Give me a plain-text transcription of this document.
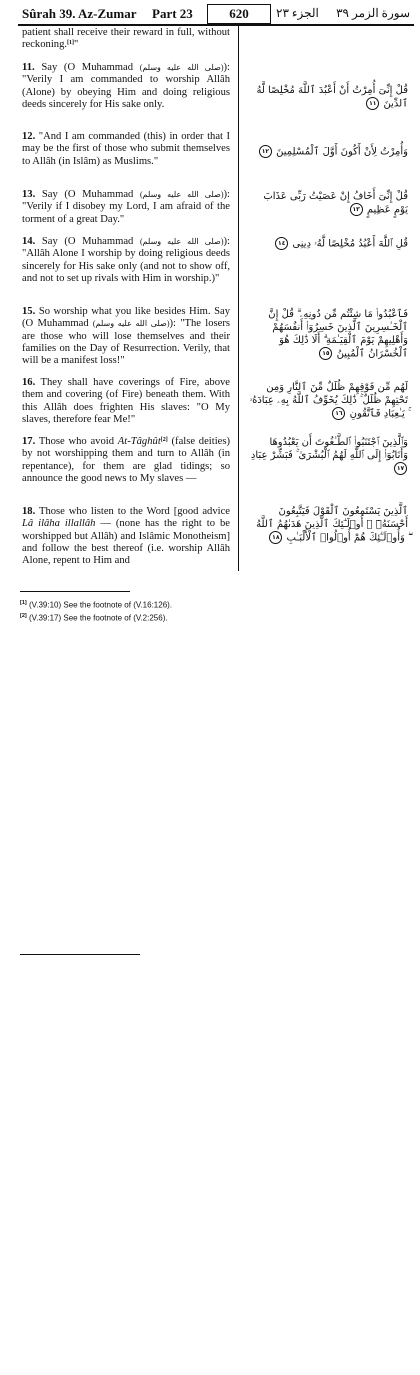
Sûrah 39. Az-Zumar Part 23	620	الجزء ٢٣ سورة الزمر ٣٩
patient shall receive their reward in full, without reckoning.[1]"
11. Say (O Muhammad (صلى الله عليه وسلم)): "Verily I am commanded to worship Allâh (Alone) by obeying Him and doing religious deeds sincerely for His sake only.
12. "And I am commanded (this) in order that I may be the first of those who submit themselves to Allâh (in Islâm) as Muslims."
13. Say (O Muhammad (صلى الله عليه وسلم)): "Verily if I disobey my Lord, I am afraid of the torment of a great Day."
14. Say (O Muhammad (صلى الله عليه وسلم)): "Allâh Alone I worship by doing religious deeds sincerely for His sake only (and not to show off, and not to set up rivals with Him in worship.)"
15. So worship what you like besides Him. Say (O Muhammad (صلى الله عليه وسلم)): "The losers are those who will lose themselves and their families on the Day of Resurrection. Verily, that will be a manifest loss!"
16. They shall have coverings of Fire, above them and covering (of Fire) beneath them. With this Allâh does frighten His slaves: "O My slaves, therefore fear Me!"
17. Those who avoid At-Tâghût[2] (false deities) by not worshipping them and turn to Allâh (in repentance), for them are glad tidings; so announce the good news to My slaves —
18. Those who listen to the Word [good advice Lâ ilâha illallâh — (none has the right to be worshipped but Allâh) and Islâmic Monotheism] and follow the best thereof (i.e. worship Allâh Alone, repent to Him and
قُلْ إِنِّىٓ أُمِرْتُ أَنْ أَعْبُدَ ٱللَّهَ مُخْلِصًا لَّهُ ٱلدِّينَ ١١
وَأُمِرْتُ لِأَنْ أَكُونَ أَوَّلَ ٱلْمُسْلِمِينَ ١٢
قُلْ إِنِّىٓ أَخَافُ إِنْ عَصَيْتُ رَبِّى عَذَابَ يَوْمٍ عَظِيمٍ ١٣
قُلِ ٱللَّهَ أَعْبُدُ مُخْلِصًا لَّهُۥ دِينِى ١٤
فَٱعْبُدُوا۟ مَا شِئْتُم مِّن دُونِهِۦ ۗ قُلْ إِنَّ ٱلْخَـٰسِرِينَ ٱلَّذِينَ خَسِرُوٓا۟ أَنفُسَهُمْ وَأَهْلِيهِمْ يَوْمَ ٱلْقِيَـٰمَةِ ۗ أَلَا ذَٰلِكَ هُوَ ٱلْخُسْرَانُ ٱلْمُبِينُ ١٥
لَهُم مِّن فَوْقِهِمْ ظُلَلٌ مِّنَ ٱلنَّارِ وَمِن تَحْتِهِمْ ظُلَلٌ ۚ ذَٰلِكَ يُخَوِّفُ ٱللَّهُ بِهِۦ عِبَادَهُۥ ۚ يَـٰعِبَادِ فَٱتَّقُونِ ١٦
وَٱلَّذِينَ ٱجْتَنَبُوا۟ ٱلطَّـٰغُوتَ أَن يَعْبُدُوهَا وَأَنَابُوٓا۟ إِلَى ٱللَّهِ لَهُمُ ٱلْبُشْرَىٰ ۚ فَبَشِّرْ عِبَادِ ١٧
ٱلَّذِينَ يَسْتَمِعُونَ ٱلْقَوْلَ فَيَتَّبِعُونَ أَحْسَنَهُۥٓ ۚ أُو۟لَـٰٓئِكَ ٱلَّذِينَ هَدَىٰهُمُ ٱللَّهُ ۖ وَأُو۟لَـٰٓئِكَ هُمْ أُو۟لُوا۟ ٱلْأَلْبَـٰبِ ١٨
[1] (V.39:10) See the footnote of (V.16:126).
[2] (V.39:17) See the footnote of (V.2:256).
